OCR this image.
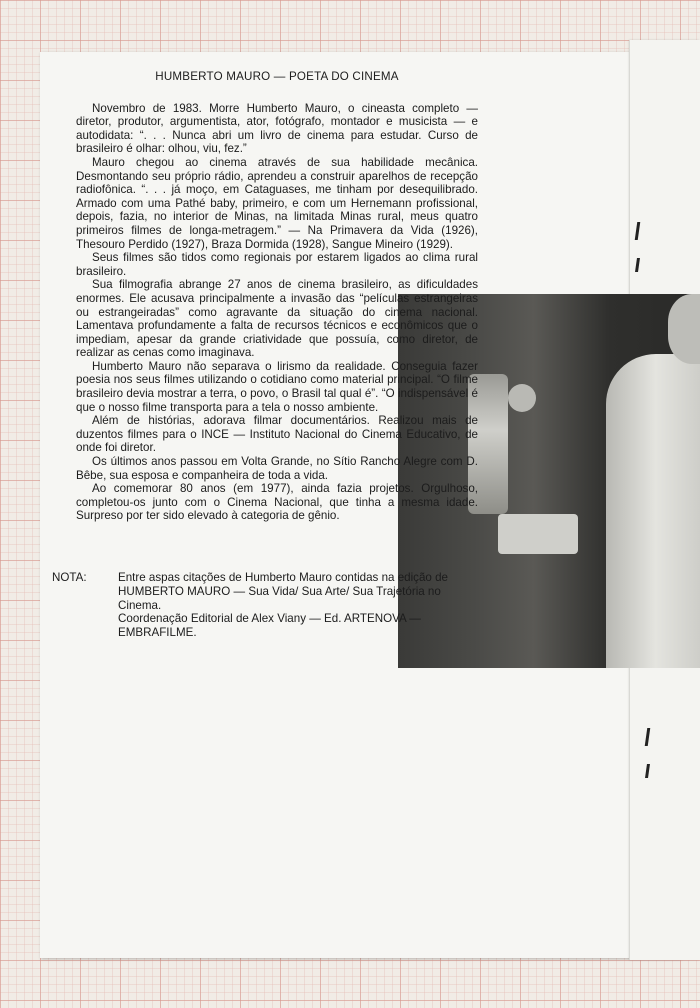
HUMBERTO MAURO — POETA DO CINEMA

Novembro de 1983. Morre Humberto Mauro, o cineasta completo — diretor, produtor, argumentista, ator, fotógrafo, montador e musicista — e autodidata: “. . . Nunca abri um livro de cinema para estudar. Curso de brasileiro é olhar: olhou, viu, fez.”

Mauro chegou ao cinema através de sua habilidade mecânica. Desmontando seu próprio rádio, aprendeu a construir aparelhos de recepção radiofônica. “. . . já moço, em Cataguases, me tinham por desequilibrado. Armado com uma Pathé baby, primeiro, e com um Hernemann profissional, depois, fazia, no interior de Minas, na limitada Minas rural, meus quatro primeiros filmes de longa-metragem.” — Na Primavera da Vida (1926), Thesouro Perdido (1927), Braza Dormida (1928), Sangue Mineiro (1929).

Seus filmes são tidos como regionais por estarem ligados ao clima rural brasileiro.

Sua filmografia abrange 27 anos de cinema brasileiro, as dificuldades enormes. Ele acusava principalmente a invasão das “películas estrangeiras ou estrangeiradas” como agravante da situação do cinema nacional. Lamentava profundamente a falta de recursos técnicos e econômicos que o impediam, apesar da grande criatividade que possuía, como diretor, de realizar as cenas como imaginava.

Humberto Mauro não separava o lirismo da realidade. Conseguia fazer poesia nos seus filmes utilizando o cotidiano como material principal. “O filme brasileiro devia mostrar a terra, o povo, o Brasil tal qual é”. “O indispensável é que o nosso filme transporta para a tela o nosso ambiente.

Além de histórias, adorava filmar documentários. Realizou mais de duzentos filmes para o INCE — Instituto Nacional do Cinema Educativo, de onde foi diretor.

Os últimos anos passou em Volta Grande, no Sítio Rancho Alegre com D. Bêbe, sua esposa e companheira de toda a vida.

Ao comemorar 80 anos (em 1977), ainda fazia projetos. Orgulhoso, completou-os junto com o Cinema Nacional, que tinha a mesma idade. Surpreso por ter sido elevado à categoria de gênio.

NOTA:	Entre aspas citações de Humberto Mauro contidas na edição de
HUMBERTO MAURO — Sua Vida/ Sua Arte/ Sua Trajetória no
Cinema.
Coordenação Editorial de Alex Viany — Ed. ARTENOVA —
EMBRAFILME.
